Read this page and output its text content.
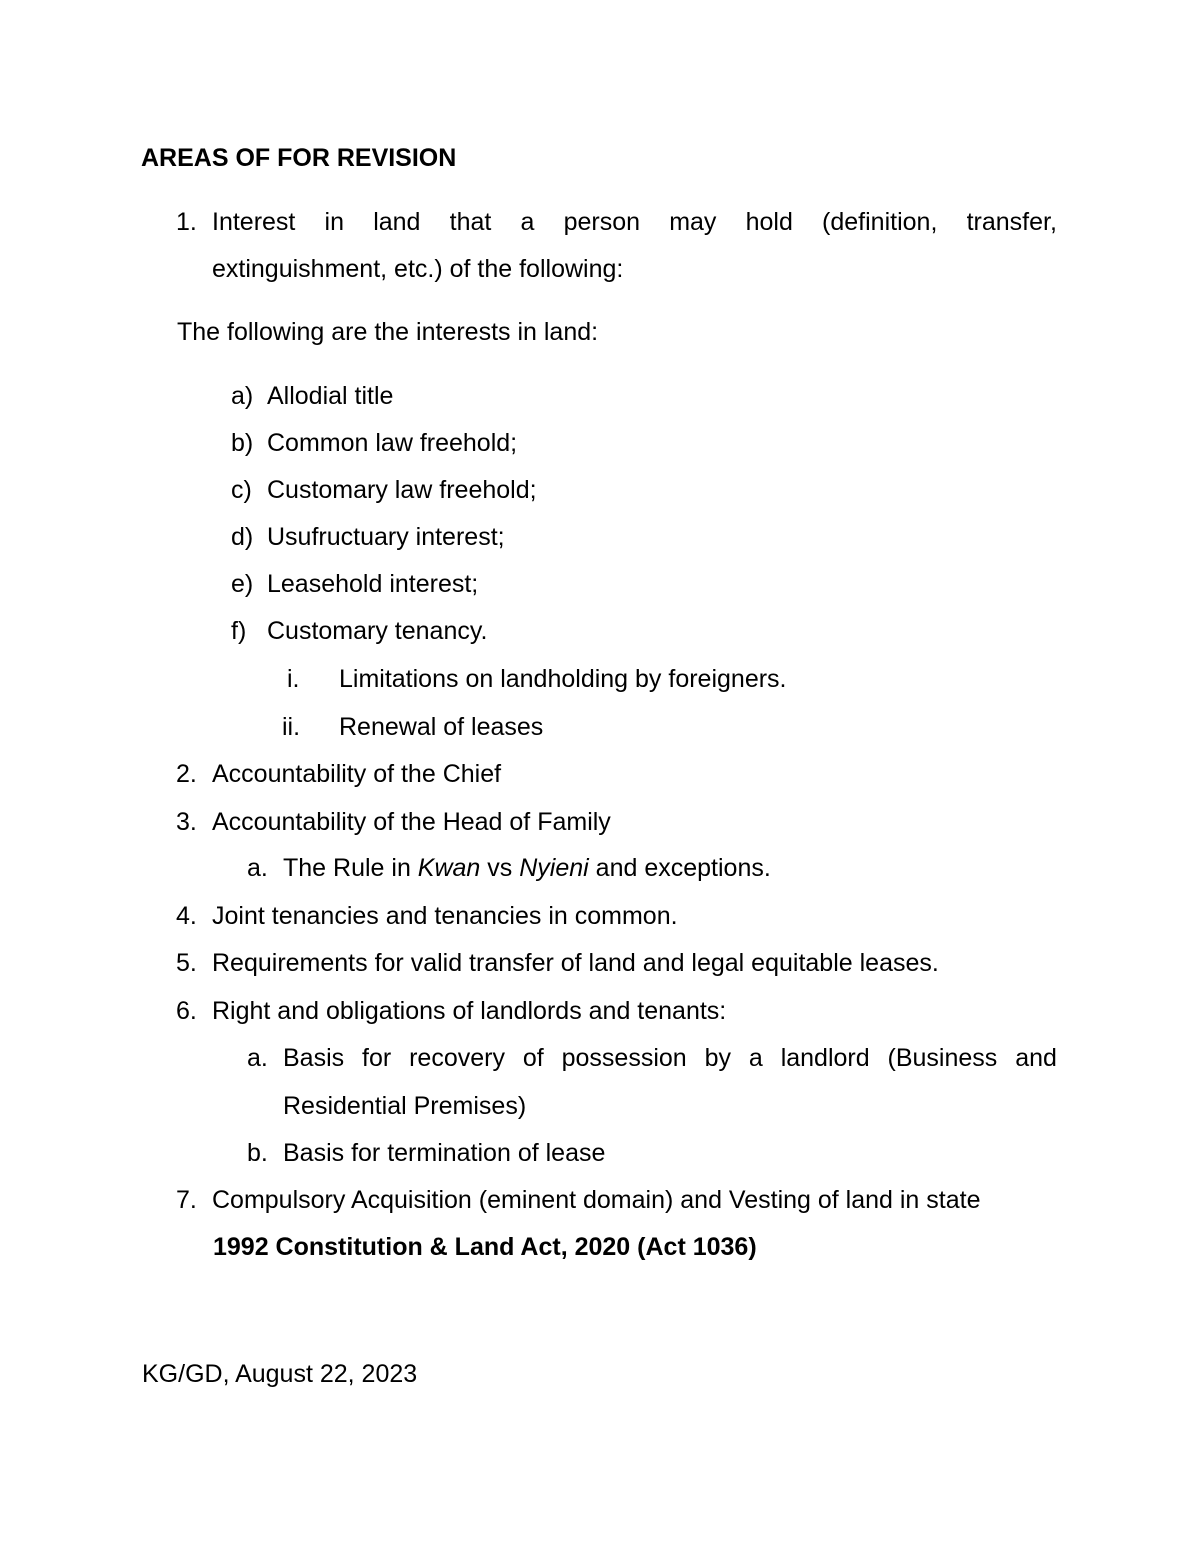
AREAS OF FOR REVISION
1. Interest in land that a person may hold (definition, transfer,
extinguishment, etc.) of the following:
The following are the interests in land:
a) Allodial title
b) Common law freehold;
c) Customary law freehold;
d) Usufructuary interest;
e) Leasehold interest;
f) Customary tenancy.
i. Limitations on landholding by foreigners.
ii. Renewal of leases
2. Accountability of the Chief
3. Accountability of the Head of Family
a. The Rule in Kwan vs Nyieni and exceptions.
4. Joint tenancies and tenancies in common.
5. Requirements for valid transfer of land and legal equitable leases.
6. Right and obligations of landlords and tenants:
a. Basis for recovery of possession by a landlord (Business and
Residential Premises)
b. Basis for termination of lease
7. Compulsory Acquisition (eminent domain) and Vesting of land in state
1992 Constitution & Land Act, 2020 (Act 1036)
KG/GD, August 22, 2023
